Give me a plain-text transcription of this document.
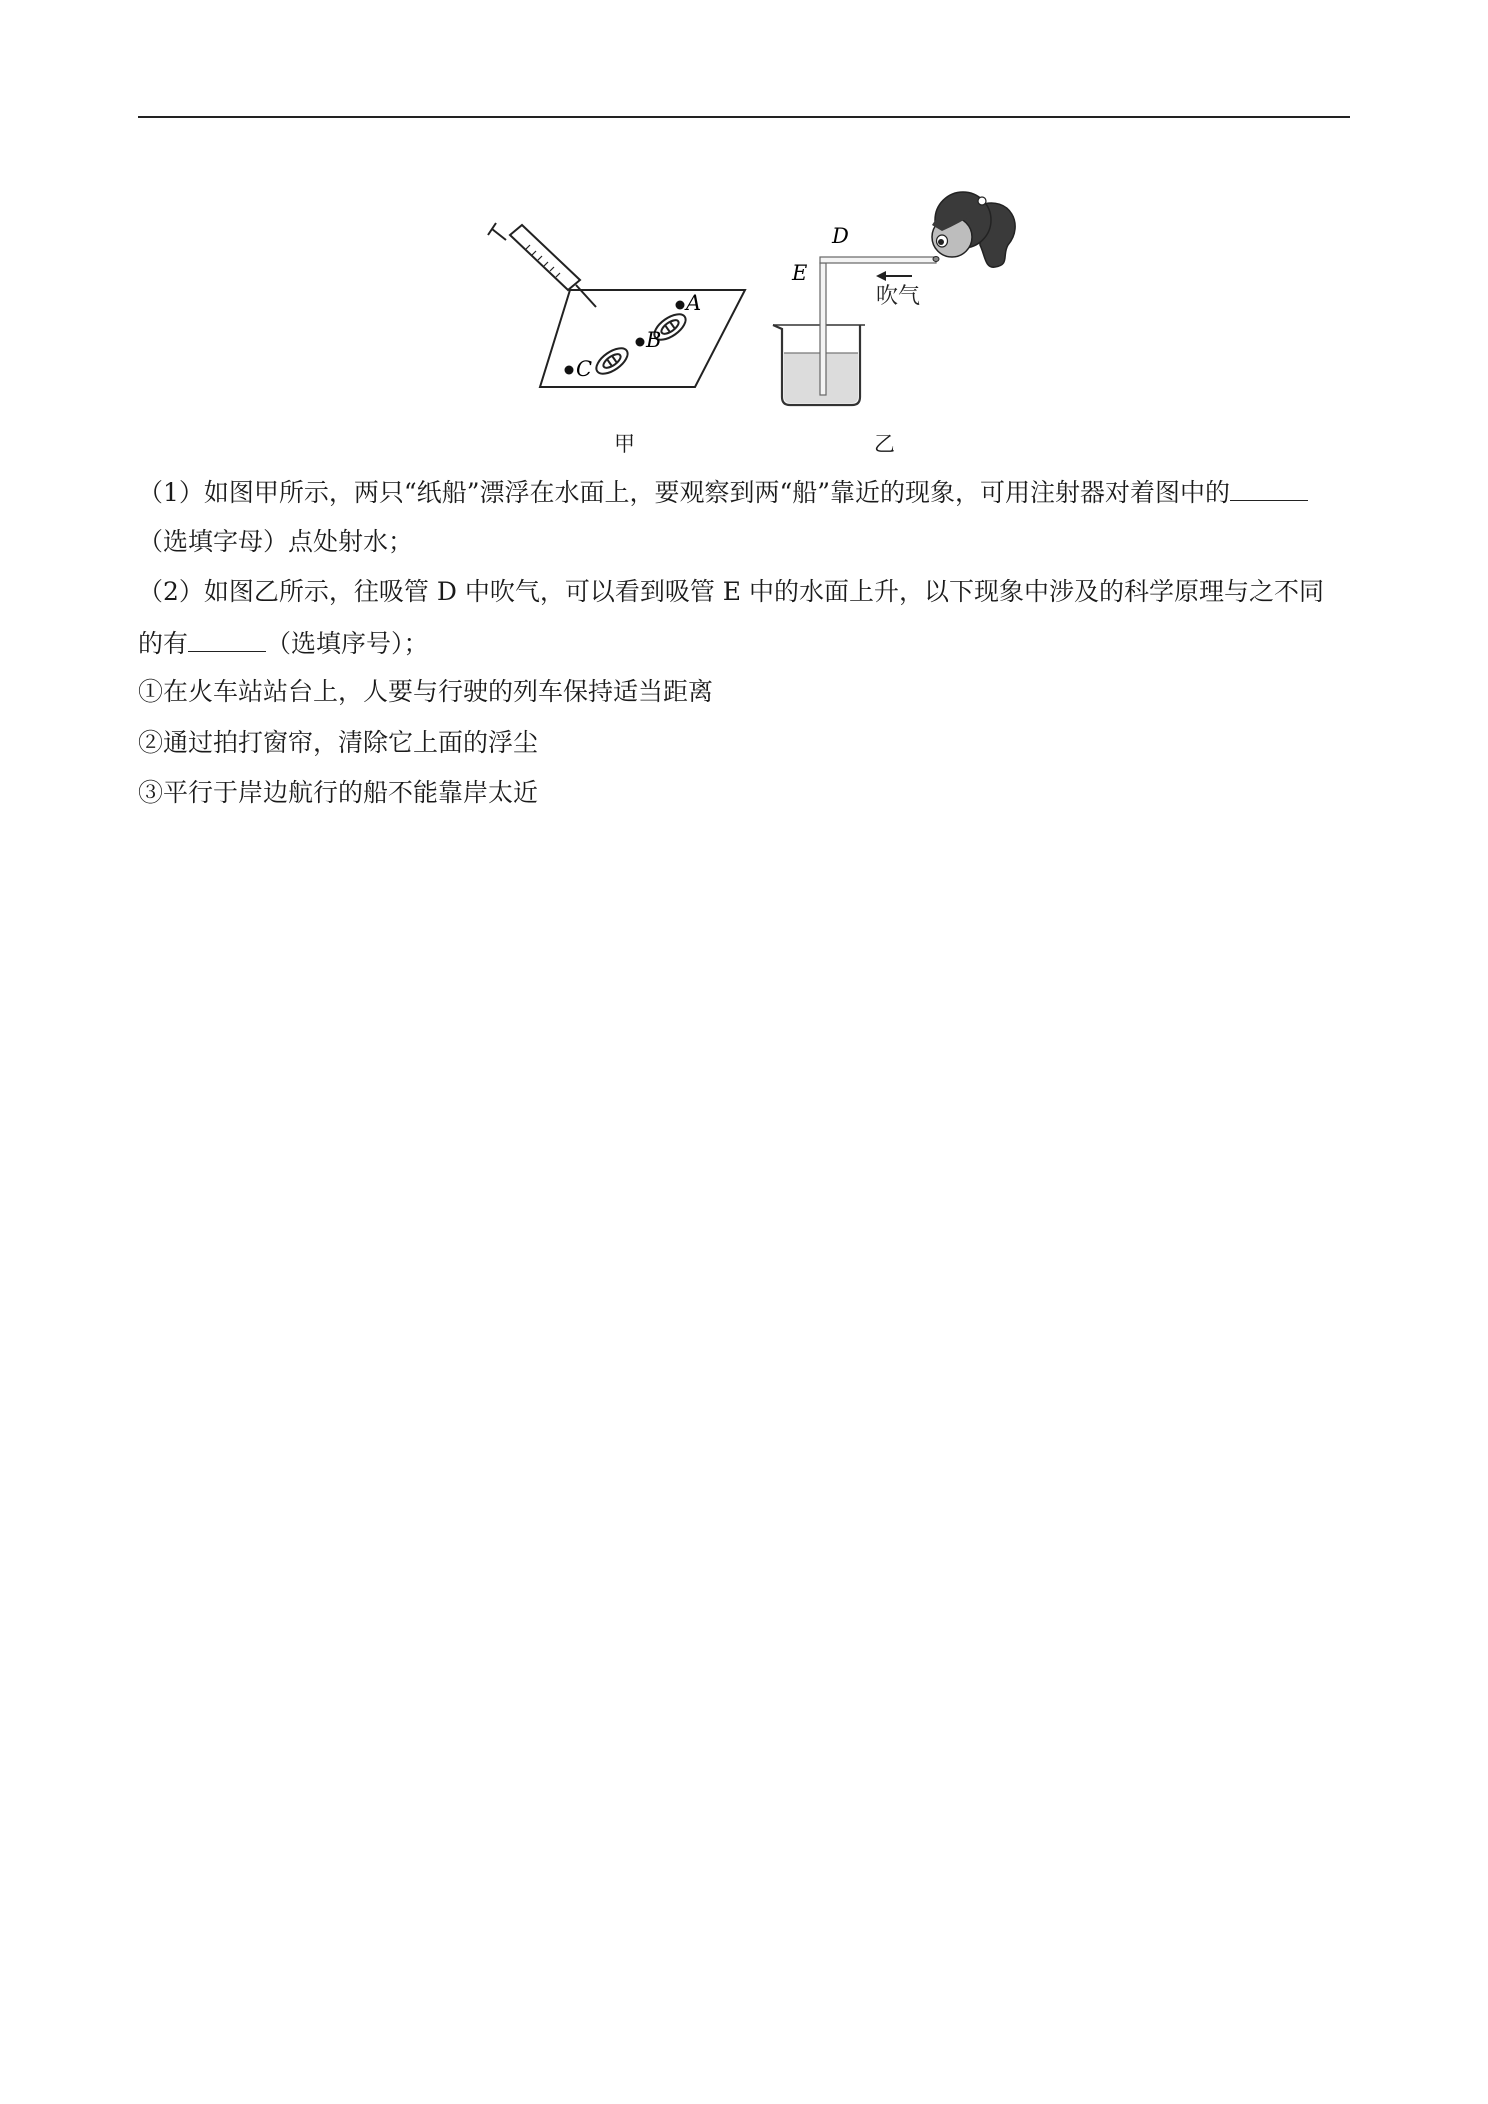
A
B
C
D
E
吹气
甲	乙
（1）如图甲所示，两只“纸船”漂浮在水面上，要观察到两“船”靠近的现象，可用注射器对着图中的
（选填字母）点处射水；
（2）如图乙所示，往吸管 D 中吹气，可以看到吸管 E 中的水面上升，以下现象中涉及的科学原理与之不同
的有	（选填序号）；
①在火车站站台上，人要与行驶的列车保持适当距离
②通过拍打窗帘，清除它上面的浮尘
③平行于岸边航行的船不能靠岸太近
